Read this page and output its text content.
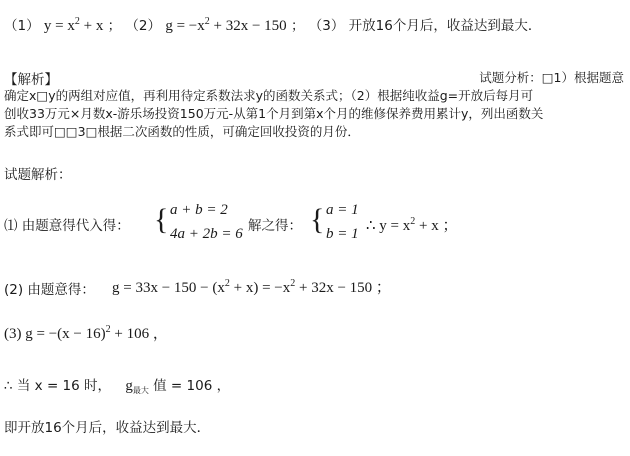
（1） $y = x^2 + x$ ； （2） $g = -x^2 + 32x - 150$ ； （3） 开放16个月后，收益达到最大．
【解析】	试题分析：□1）根据题意
确定x□y的两组对应值，再利用待定系数法求y的函数关系式；（2）根据纯收益g=开放后每月可
创收33万元×月数x-游乐场投资150万元-从第1个月到第x个月的维修保养费用累计y，列出函数关
系式即可□□3□根据二次函数的性质，可确定回收投资的月份．
试题解析：
⑴ 由题意得代入得： { a + b = 2
4a + 2b = 6 解之得： { a = 1
b = 1 ∴ $y = x^2 + x$ ；
(2) 由题意得： $g = 33x - 150 - (x^2 + x) = -x^2 + 32x - 150$ ；
(3) $g = -(x - 16)^2 + 106$ ，
∴ 当 x = 16 时， $g_{最大}$ 值 = 106 ，
即开放16个月后，收益达到最大．
